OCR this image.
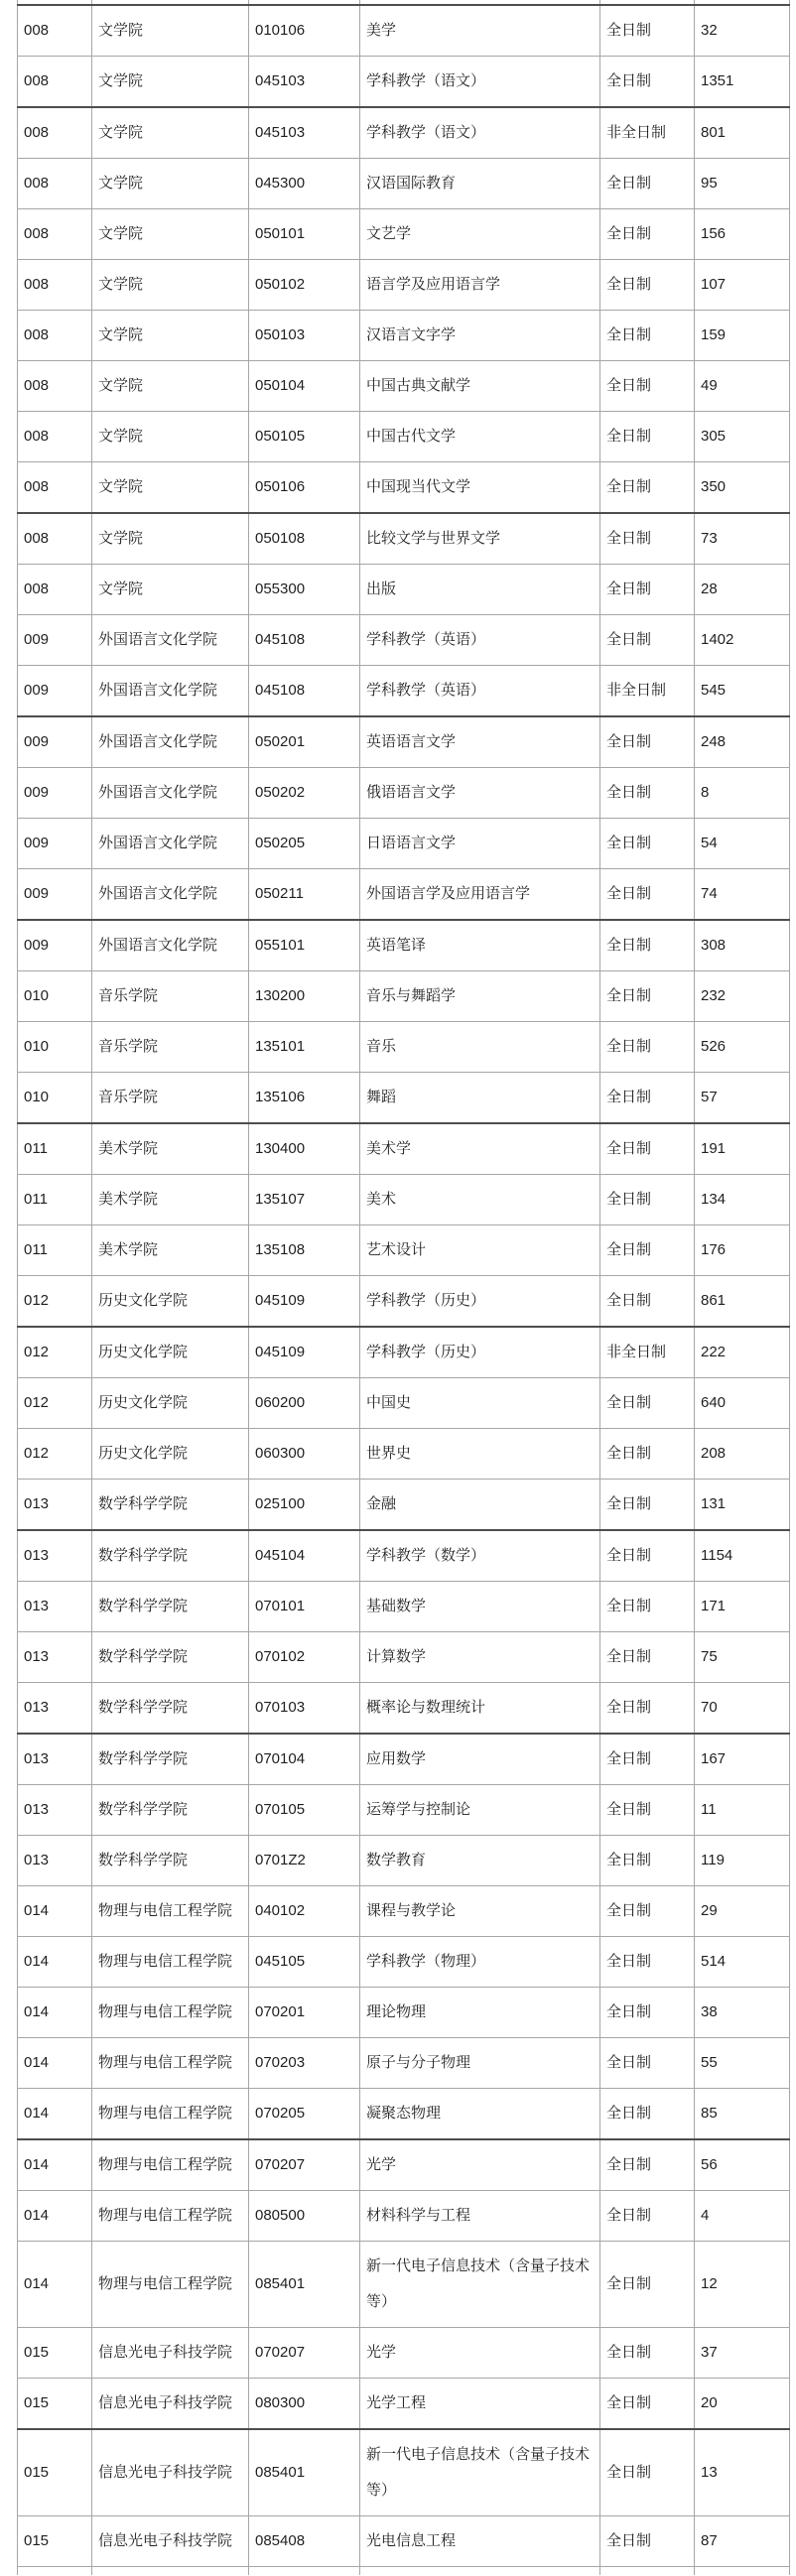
008	文学院	010106	美学	全日制	32
008	文学院	045103	学科教学（语文）	全日制	1351
008	文学院	045103	学科教学（语文）	非全日制	801
008	文学院	045300	汉语国际教育	全日制	95
008	文学院	050101	文艺学	全日制	156
008	文学院	050102	语言学及应用语言学	全日制	107
008	文学院	050103	汉语言文字学	全日制	159
008	文学院	050104	中国古典文献学	全日制	49
008	文学院	050105	中国古代文学	全日制	305
008	文学院	050106	中国现当代文学	全日制	350
008	文学院	050108	比较文学与世界文学	全日制	73
008	文学院	055300	出版	全日制	28
009	外国语言文化学院	045108	学科教学（英语）	全日制	1402
009	外国语言文化学院	045108	学科教学（英语）	非全日制	545
009	外国语言文化学院	050201	英语语言文学	全日制	248
009	外国语言文化学院	050202	俄语语言文学	全日制	8
009	外国语言文化学院	050205	日语语言文学	全日制	54
009	外国语言文化学院	050211	外国语言学及应用语言学	全日制	74
009	外国语言文化学院	055101	英语笔译	全日制	308
010	音乐学院	130200	音乐与舞蹈学	全日制	232
010	音乐学院	135101	音乐	全日制	526
010	音乐学院	135106	舞蹈	全日制	57
011	美术学院	130400	美术学	全日制	191
011	美术学院	135107	美术	全日制	134
011	美术学院	135108	艺术设计	全日制	176
012	历史文化学院	045109	学科教学（历史）	全日制	861
012	历史文化学院	045109	学科教学（历史）	非全日制	222
012	历史文化学院	060200	中国史	全日制	640
012	历史文化学院	060300	世界史	全日制	208
013	数学科学学院	025100	金融	全日制	131
013	数学科学学院	045104	学科教学（数学）	全日制	1154
013	数学科学学院	070101	基础数学	全日制	171
013	数学科学学院	070102	计算数学	全日制	75
013	数学科学学院	070103	概率论与数理统计	全日制	70
013	数学科学学院	070104	应用数学	全日制	167
013	数学科学学院	070105	运筹学与控制论	全日制	11
013	数学科学学院	0701Z2	数学教育	全日制	119
014	物理与电信工程学院	040102	课程与教学论	全日制	29
014	物理与电信工程学院	045105	学科教学（物理）	全日制	514
014	物理与电信工程学院	070201	理论物理	全日制	38
014	物理与电信工程学院	070203	原子与分子物理	全日制	55
014	物理与电信工程学院	070205	凝聚态物理	全日制	85
014	物理与电信工程学院	070207	光学	全日制	56
014	物理与电信工程学院	080500	材料科学与工程	全日制	4
014	物理与电信工程学院	085401	新一代电子信息技术（含量子技术等）	全日制	12
015	信息光电子科技学院	070207	光学	全日制	37
015	信息光电子科技学院	080300	光学工程	全日制	20
015	信息光电子科技学院	085401	新一代电子信息技术（含量子技术等）	全日制	13
015	信息光电子科技学院	085408	光电信息工程	全日制	87
